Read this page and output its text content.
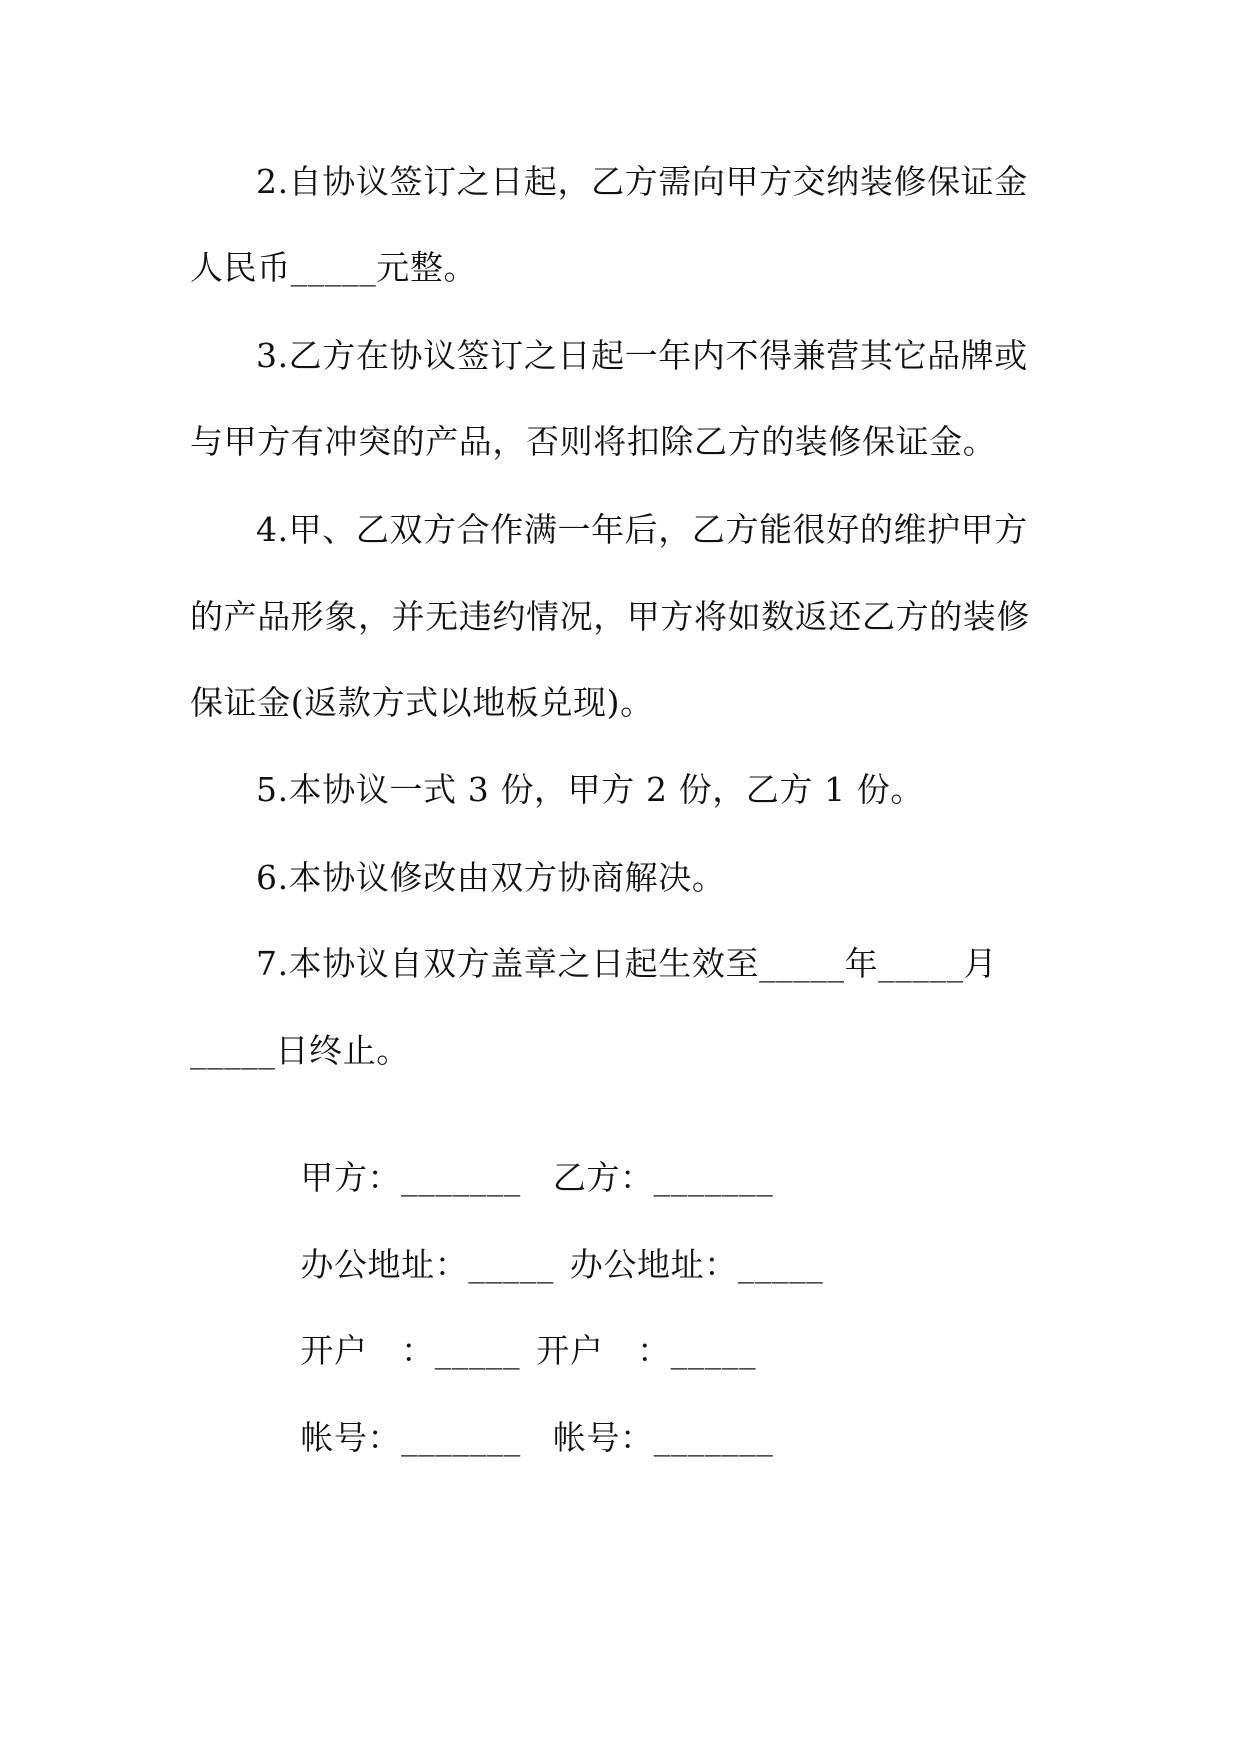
2.自协议签订之日起，乙方需向甲方交纳装修保证金
人民币_____元整。
3.乙方在协议签订之日起一年内不得兼营其它品牌或
与甲方有冲突的产品，否则将扣除乙方的装修保证金。
4.甲、乙双方合作满一年后，乙方能很好的维护甲方
的产品形象，并无违约情况，甲方将如数返还乙方的装修
保证金(返款方式以地板兑现)。
5.本协议一式 3 份，甲方 2 份，乙方 1 份。
6.本协议修改由双方协商解决。
7.本协议自双方盖章之日起生效至_____年_____月
_____日终止。

甲方：_______ 乙方：_______

办公地址：_____ 办公地址：_____

开户　：_____ 开户　：_____

帐号：_______ 帐号：_______
